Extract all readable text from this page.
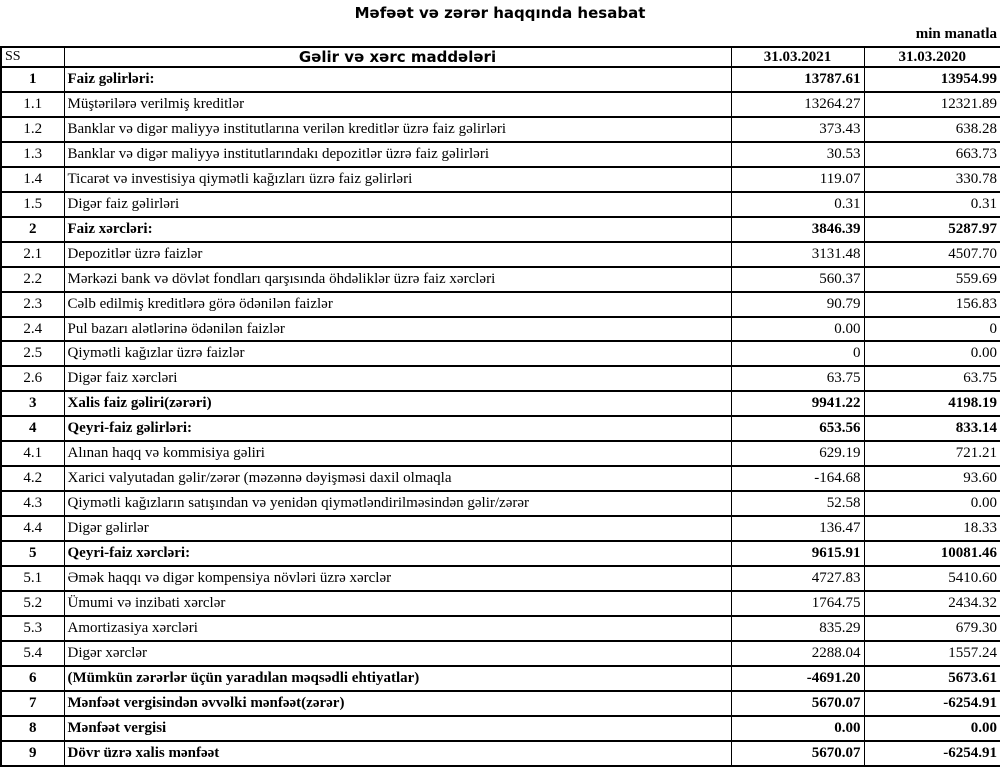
Məfəət və zərər haqqında hesabat
min manatla
SS	Gəlir və xərc maddələri	31.03.2021	31.03.2020
1	Faiz gəlirləri:	13787.61	13954.99
1.1	Müştərilərə verilmiş kreditlər	13264.27	12321.89
1.2	Banklar və digər maliyyə institutlarına verilən kreditlər üzrə faiz gəlirləri	373.43	638.28
1.3	Banklar və digər maliyyə institutlarındakı depozitlər üzrə faiz gəlirləri	30.53	663.73
1.4	Ticarət və investisiya qiymətli kağızları üzrə faiz gəlirləri	119.07	330.78
1.5	Digər faiz gəlirləri	0.31	0.31
2	Faiz xərcləri:	3846.39	5287.97
2.1	Depozitlər üzrə faizlər	3131.48	4507.70
2.2	Mərkəzi bank və dövlət fondları qarşısında öhdəliklər üzrə faiz xərcləri	560.37	559.69
2.3	Cəlb edilmiş kreditlərə görə ödənilən faizlər	90.79	156.83
2.4	Pul bazarı alətlərinə ödənilən faizlər	0.00	0
2.5	Qiymətli kağızlar üzrə faizlər	0	0.00
2.6	Digər faiz xərcləri	63.75	63.75
3	Xalis faiz gəliri(zərəri)	9941.22	4198.19
4	Qeyri-faiz gəlirləri:	653.56	833.14
4.1	Alınan haqq və kommisiya gəliri	629.19	721.21
4.2	Xarici valyutadan gəlir/zərər (məzənnə dəyişməsi daxil olmaqla	-164.68	93.60
4.3	Qiymətli kağızların satışından və yenidən qiymətləndirilməsindən gəlir/zərər	52.58	0.00
4.4	Digər gəlirlər	136.47	18.33
5	Qeyri-faiz xərcləri:	9615.91	10081.46
5.1	Əmək haqqı və digər kompensiya növləri üzrə xərclər	4727.83	5410.60
5.2	Ümumi və inzibati xərclər	1764.75	2434.32
5.3	Amortizasiya xərcləri	835.29	679.30
5.4	Digər xərclər	2288.04	1557.24
6	(Mümkün zərərlər üçün yaradılan məqsədli ehtiyatlar)	-4691.20	5673.61
7	Mənfəət vergisindən əvvəlki mənfəət(zərər)	5670.07	-6254.91
8	Mənfəət vergisi	0.00	0.00
9	Dövr üzrə xalis mənfəət	5670.07	-6254.91
